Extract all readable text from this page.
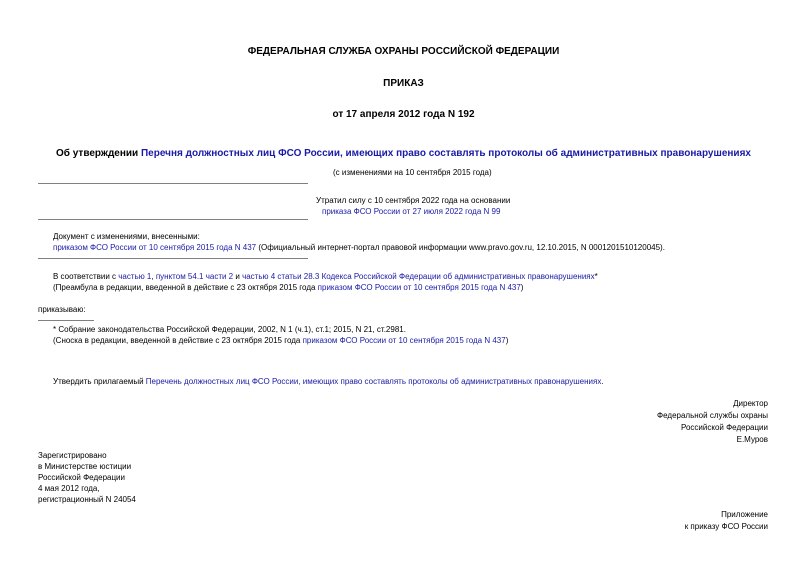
ФЕДЕРАЛЬНАЯ СЛУЖБА ОХРАНЫ РОССИЙСКОЙ ФЕДЕРАЦИИ
ПРИКАЗ
от 17 апреля 2012 года N 192
Об утверждении Перечня должностных лиц ФСО России, имеющих право составлять протоколы об административных правонарушениях
(с изменениями на 10 сентября 2015 года)
Утратил силу с 10 сентября 2022 года на основании
приказа ФСО России от 27 июля 2022 года N 99
Документ с изменениями, внесенными:
приказом ФСО России от 10 сентября 2015 года N 437 (Официальный интернет-портал правовой информации www.pravo.gov.ru, 12.10.2015, N 0001201510120045).
В соответствии с частью 1, пунктом 54.1 части 2 и частью 4 статьи 28.3 Кодекса Российской Федерации об административных правонарушениях*
(Преамбула в редакции, введенной в действие с 23 октября 2015 года приказом ФСО России от 10 сентября 2015 года N 437)
приказываю:
* Собрание законодательства Российской Федерации, 2002, N 1 (ч.1), ст.1; 2015, N 21, ст.2981.
(Сноска в редакции, введенной в действие с 23 октября 2015 года приказом ФСО России от 10 сентября 2015 года N 437)
Утвердить прилагаемый Перечень должностных лиц ФСО России, имеющих право составлять протоколы об административных правонарушениях.
Директор
Федеральной службы охраны
Российской Федерации
Е.Муров
Зарегистрировано
в Министерстве юстиции
Российской Федерации
4 мая 2012 года,
регистрационный N 24054
Приложение
к приказу ФСО России
